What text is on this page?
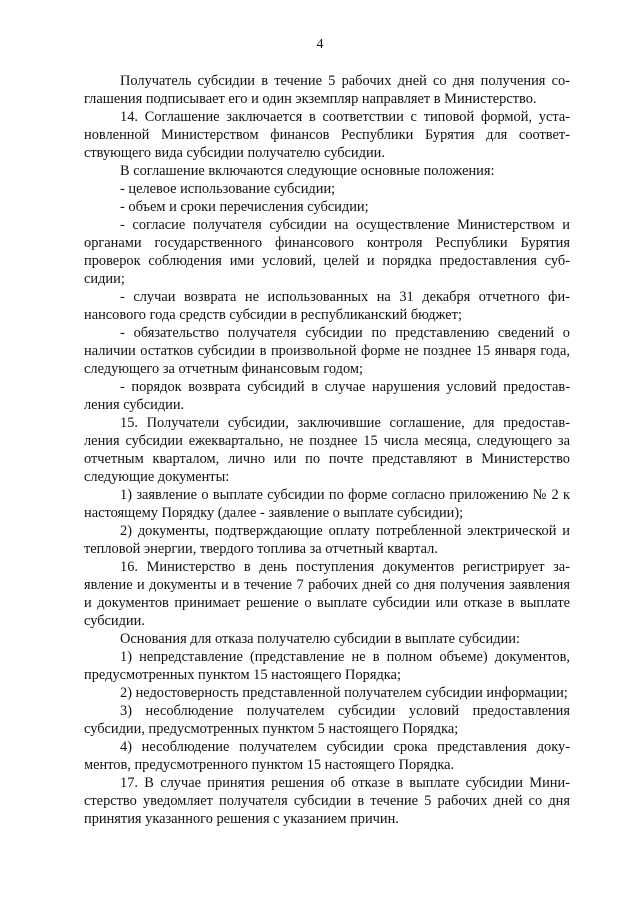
4

Получатель субсидии в течение 5 рабочих дней со дня получения соглашения подписывает его и один экземпляр направляет в Министерство.

14. Соглашение заключается в соответствии с типовой формой, установленной Министерством финансов Республики Бурятия для соответствующего вида субсидии получателю субсидии.

В соглашение включаются следующие основные положения:

- целевое использование субсидии;

- объем и сроки перечисления субсидии;

- согласие получателя субсидии на осуществление Министерством и органами государственного финансового контроля Республики Бурятия проверок соблюдения ими условий, целей и порядка предоставления субсидии;

- случаи возврата не использованных на 31 декабря отчетного финансового года средств субсидии в республиканский бюджет;

- обязательство получателя субсидии по представлению сведений о наличии остатков субсидии в произвольной форме не позднее 15 января года, следующего за отчетным финансовым годом;

- порядок возврата субсидий в случае нарушения условий предоставления субсидии.

15. Получатели субсидии, заключившие соглашение, для предоставления субсидии ежеквартально, не позднее 15 числа месяца, следующего за отчетным кварталом, лично или по почте представляют в Министерство следующие документы:

1) заявление о выплате субсидии по форме согласно приложению № 2 к настоящему Порядку (далее - заявление о выплате субсидии);

2) документы, подтверждающие оплату потребленной электрической и тепловой энергии, твердого топлива за отчетный квартал.

16. Министерство в день поступления документов регистрирует заявление и документы и в течение 7 рабочих дней со дня получения заявления и документов принимает решение о выплате субсидии или отказе в выплате субсидии.

Основания для отказа получателю субсидии в выплате субсидии:

1) непредставление (представление не в полном объеме) документов, предусмотренных пунктом 15 настоящего Порядка;

2) недостоверность представленной получателем субсидии информации;

3) несоблюдение получателем субсидии условий предоставления субсидии, предусмотренных пунктом 5 настоящего Порядка;

4) несоблюдение получателем субсидии срока представления документов, предусмотренного пунктом 15 настоящего Порядка.

17. В случае принятия решения об отказе в выплате субсидии Министерство уведомляет получателя субсидии в течение 5 рабочих дней со дня принятия указанного решения с указанием причин.
